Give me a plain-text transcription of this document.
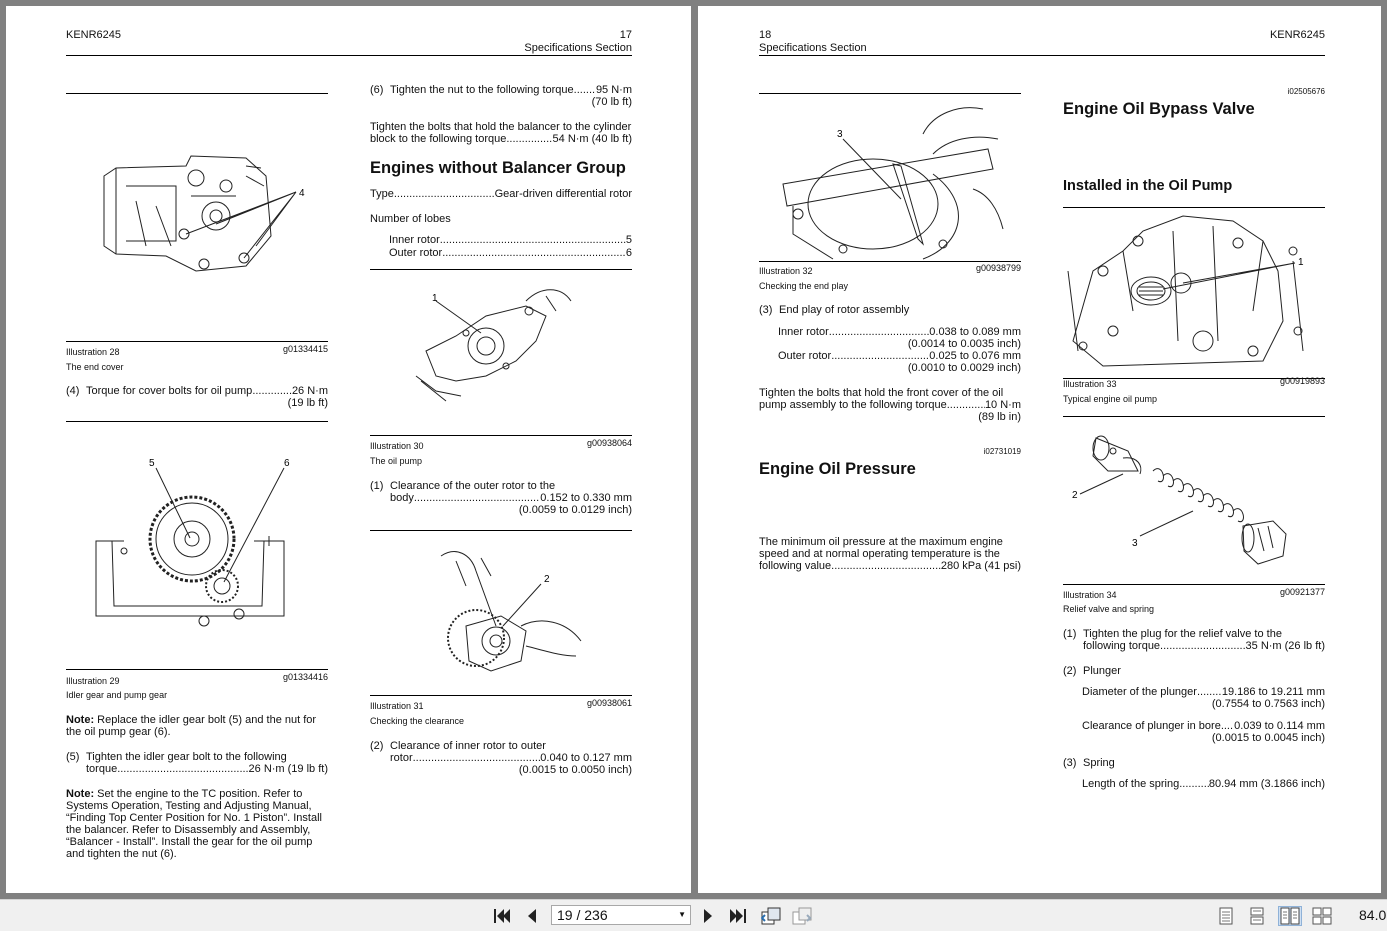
KENR6245	17
Specifications Section
4
Illustration 28	g01334415
The end cover
(4) Torque for cover bolts for oil pump .....	26 N·m
(19 lb ft)
5	6
Illustration 29	g01334416
Idler gear and pump gear
Note: Replace the idler gear bolt (5) and the nut for the oil pump gear (6).
(5) Tighten the idler gear bolt to the following
torque. .....	26 N·m (19 lb ft)
Note: Set the engine to the TC position. Refer to Systems Operation, Testing and Adjusting Manual, “Finding Top Center Position for No. 1 Piston”. Install the balancer. Refer to Disassembly and Assembly, “Balancer - Install”. Install the gear for the oil pump and tighten the nut (6).
(6) Tighten the nut to the following torque. ..... 95 N·m
(70 lb ft)
Tighten the bolts that hold the balancer to the cylinder
block to the following torque. .....	54 N·m (40 lb ft)
Engines without Balancer Group
Type .....	Gear-driven differential rotor
Number of lobes
Inner rotor .....	5
Outer rotor .....	6
1
Illustration 30	g00938064
The oil pump
(1) Clearance of the outer rotor to the
body .....	0.152 to 0.330 mm
(0.0059 to 0.0129 inch)
2
Illustration 31	g00938061
Checking the clearance
(2) Clearance of inner rotor to outer
rotor .....	0.040 to 0.127 mm
(0.0015 to 0.0050 inch)
18
Specifications Section
KENR6245
3
Illustration 32	g00938799
Checking the end play
(3) End play of rotor assembly
Inner rotor .....	0.038 to 0.089 mm
(0.0014 to 0.0035 inch)
Outer rotor .....	0.025 to 0.076 mm
(0.0010 to 0.0029 inch)
Tighten the bolts that hold the front cover of the oil
pump assembly to the following torque. .....	10 N·m
(89 lb in)
i02731019
Engine Oil Pressure
The minimum oil pressure at the maximum engine
speed and at normal operating temperature is the
following value. .....	280 kPa (41 psi)
i02505676
Engine Oil Bypass Valve
Installed in the Oil Pump
1
Illustration 33	g00919893
Typical engine oil pump
2
3
Illustration 34	g00921377
Relief valve and spring
(1) Tighten the plug for the relief valve to the
following torque. .....	35 N·m (26 lb ft)
(2) Plunger
Diameter of the plunger ..... 19.186 to 19.211 mm
(0.7554 to 0.7563 inch)
Clearance of plunger in bore ..... 0.039 to 0.114 mm
(0.0015 to 0.0045 inch)
(3) Spring
Length of the spring .....	80.94 mm (3.1866 inch)
19 / 236	▼	84.0
